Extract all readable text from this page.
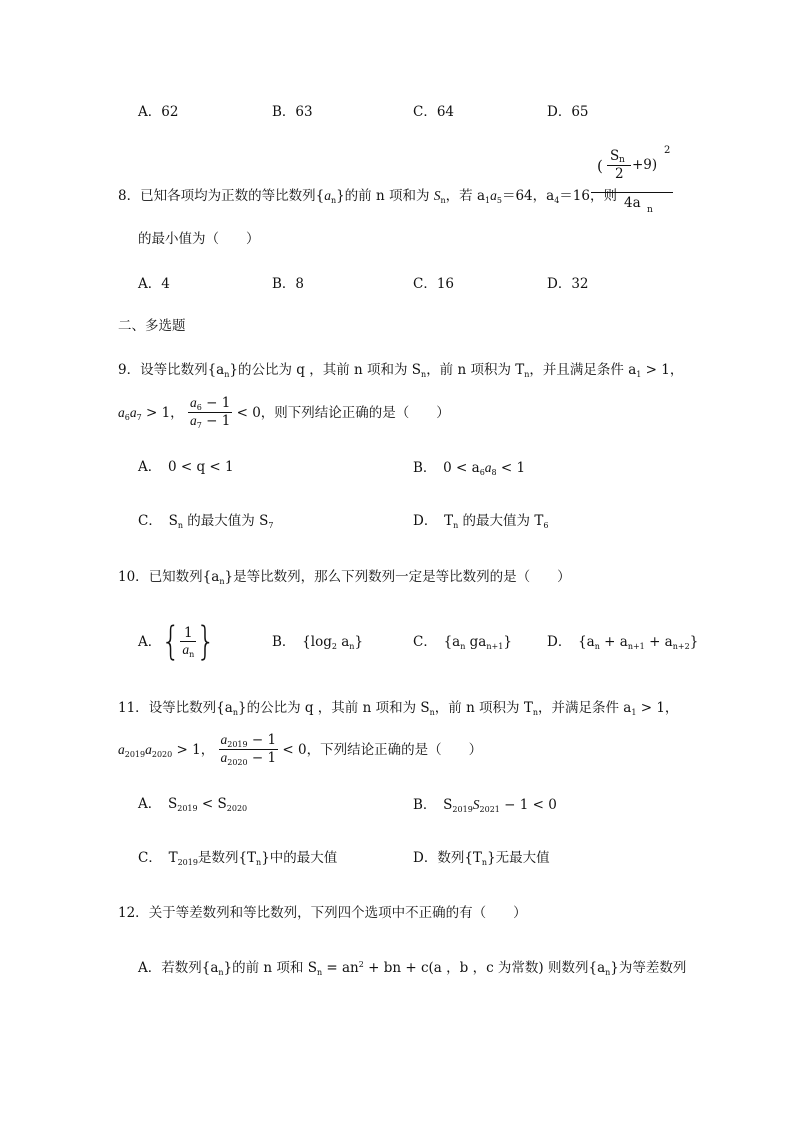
A．62	B．63	C．64	D．65
8．已知各项均为正数的等比数列$\{a_n\}$的前 n 项和为 $S_n$，若 $a_1a_5=64$，$a_4=16$，则
S n
( 2
+9)
2
4a n
的最小值为（　　）
A．4	B．8	C．16	D．32
二、多选题
9．设等比数列$\{a_n\}$的公比为 q ，其前 n 项和为 $S_n$，前 n 项积为 $T_n$，并且满足条件 $a_1 > 1$，
$a_6a_7 > 1$， $\frac{a_6 - 1}{a_7 - 1} < 0$，则下列结论正确的是（　　）
A．　0 < q < 1	B．　$0 < a_6a_8 < 1$
C．　$S_n$ 的最大值为 $S_7$	D．　$T_n$ 的最大值为 $T_6$
10．已知数列$\{a_n\}$是等比数列，那么下列数列一定是等比数列的是（　　）
A．{ $\frac{1}{a_n}$ }	B．　{$\log_2$ $a_n$}	C．　{$a_n$ $ga_{n+1}$}	D．　$\{a_n + a_{n+1} + a_{n+2}\}$
11．设等比数列$\{a_n\}$的公比为 q ，其前 n 项和为 $S_n$，前 n 项积为 $T_n$，并满足条件 $a_1 > 1$，
$a_{2019}a_{2020} > 1$， $\frac{a_{2019} - 1}{a_{2020} - 1} < 0$，下列结论正确的是（　　）
A．　$S_{2019} < S_{2020}$	B．　$S_{2019}S_{2021} - 1 < 0$
C．　$T_{2019}$是数列$\{T_n\}$中的最大值	D．数列$\{T_n\}$无最大值
12．关于等差数列和等比数列，下列四个选项中不正确的有（　　）
A．若数列$\{a_n\}$的前 n 项和 $S_n = an^2$ + bn + c(a ，b ，c 为常数) 则数列$\{a_n\}$为等差数列
